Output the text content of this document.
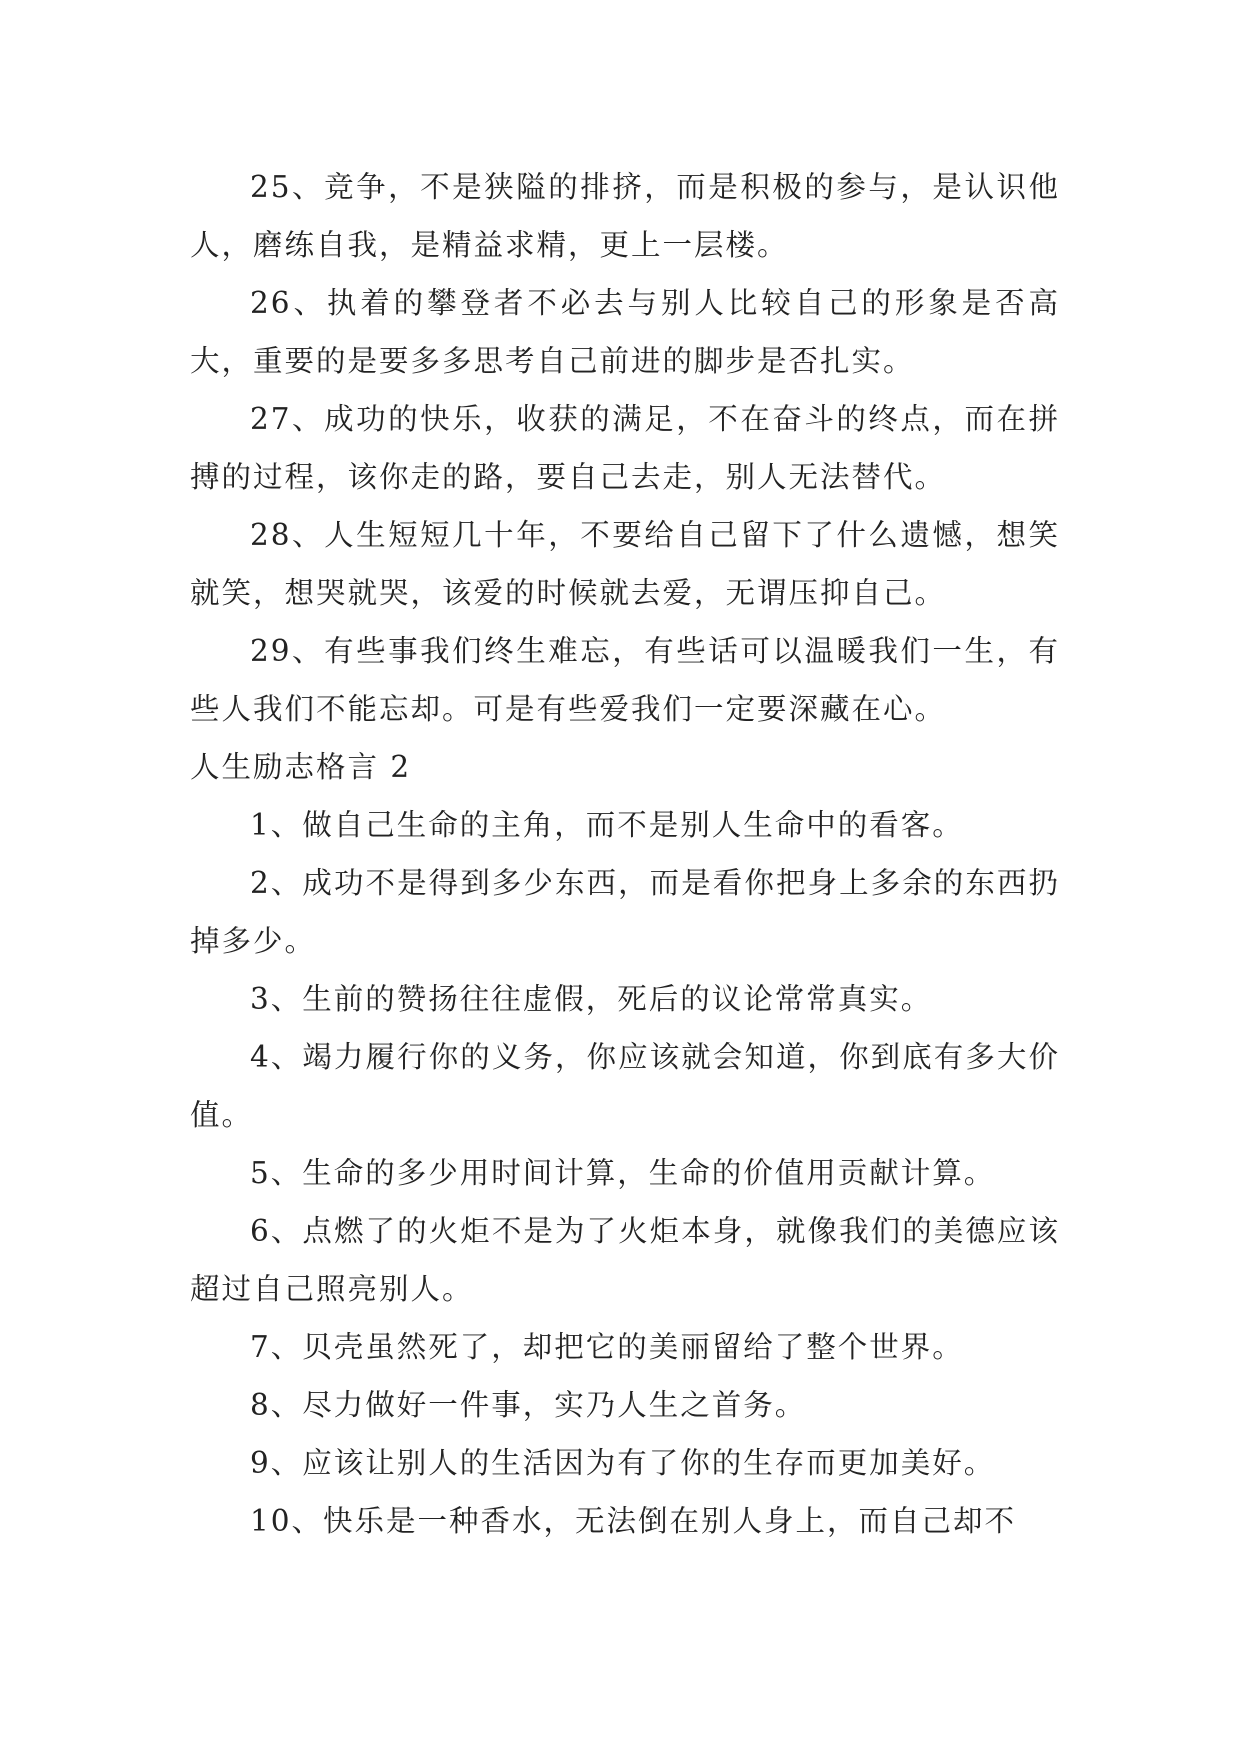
25、竞争，不是狭隘的排挤，而是积极的参与，是认识他人，磨练自我，是精益求精，更上一层楼。

26、执着的攀登者不必去与别人比较自己的形象是否高大，重要的是要多多思考自己前进的脚步是否扎实。

27、成功的快乐，收获的满足，不在奋斗的终点，而在拼搏的过程，该你走的路，要自己去走，别人无法替代。

28、人生短短几十年，不要给自己留下了什么遗憾，想笑就笑，想哭就哭，该爱的时候就去爱，无谓压抑自己。

29、有些事我们终生难忘，有些话可以温暖我们一生，有些人我们不能忘却。可是有些爱我们一定要深藏在心。

人生励志格言 2

1、做自己生命的主角，而不是别人生命中的看客。

2、成功不是得到多少东西，而是看你把身上多余的东西扔掉多少。

3、生前的赞扬往往虚假，死后的议论常常真实。

4、竭力履行你的义务，你应该就会知道，你到底有多大价值。

5、生命的多少用时间计算，生命的价值用贡献计算。

6、点燃了的火炬不是为了火炬本身，就像我们的美德应该超过自己照亮别人。

7、贝壳虽然死了，却把它的美丽留给了整个世界。

8、尽力做好一件事，实乃人生之首务。

9、应该让别人的生活因为有了你的生存而更加美好。

10、快乐是一种香水，无法倒在别人身上，而自己却不
